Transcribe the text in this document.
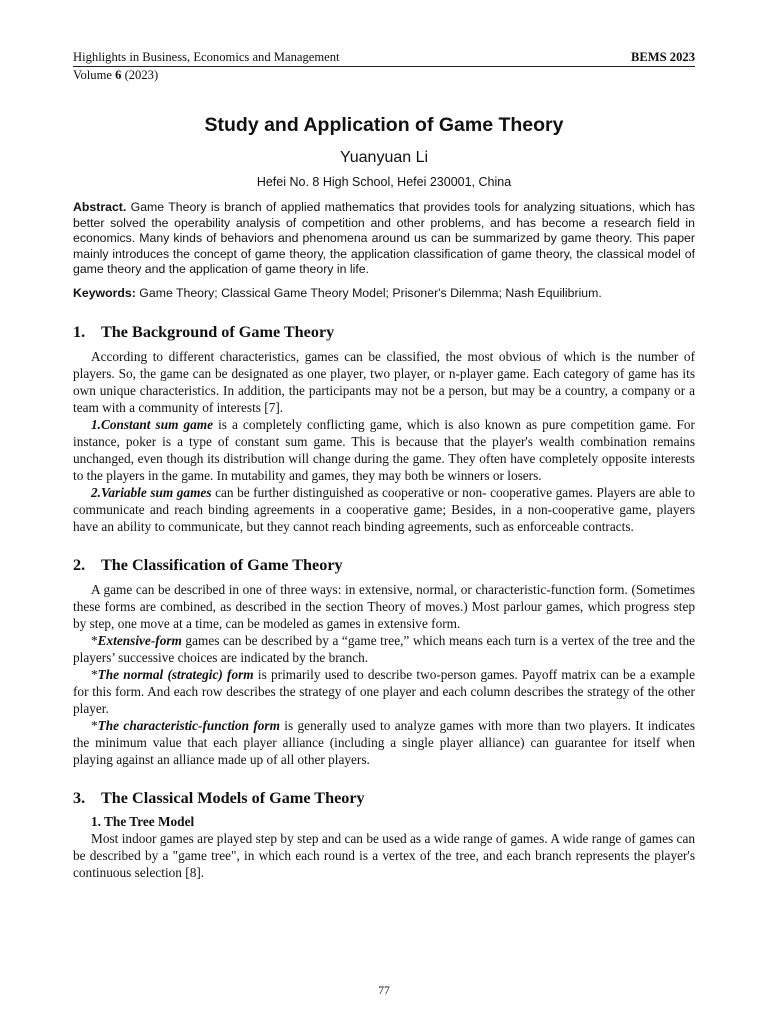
Highlights in Business, Economics and Management	BEMS 2023
Volume 6 (2023)
Study and Application of Game Theory
Yuanyuan Li
Hefei No. 8 High School, Hefei 230001, China
Abstract. Game Theory is branch of applied mathematics that provides tools for analyzing situations, which has better solved the operability analysis of competition and other problems, and has become a research field in economics. Many kinds of behaviors and phenomena around us can be summarized by game theory. This paper mainly introduces the concept of game theory, the application classification of game theory, the classical model of game theory and the application of game theory in life.
Keywords: Game Theory; Classical Game Theory Model; Prisoner's Dilemma; Nash Equilibrium.
1. The Background of Game Theory

According to different characteristics, games can be classified, the most obvious of which is the number of players. So, the game can be designated as one player, two player, or n-player game. Each category of game has its own unique characteristics. In addition, the participants may not be a person, but may be a country, a company or a team with a community of interests [7].

1.Constant sum game is a completely conflicting game, which is also known as pure competition game. For instance, poker is a type of constant sum game. This is because that the player's wealth combination remains unchanged, even though its distribution will change during the game. They often have completely opposite interests to the players in the game. In mutability and games, they may both be winners or losers.

2.Variable sum games can be further distinguished as cooperative or non- cooperative games. Players are able to communicate and reach binding agreements in a cooperative game; Besides, in a non-cooperative game, players have an ability to communicate, but they cannot reach binding agreements, such as enforceable contracts.

2. The Classification of Game Theory

A game can be described in one of three ways: in extensive, normal, or characteristic-function form. (Sometimes these forms are combined, as described in the section Theory of moves.) Most parlour games, which progress step by step, one move at a time, can be modeled as games in extensive form.

*Extensive-form games can be described by a “game tree,” which means each turn is a vertex of the tree and the players’ successive choices are indicated by the branch.

*The normal (strategic) form is primarily used to describe two-person games. Payoff matrix can be a example for this form. And each row describes the strategy of one player and each column describes the strategy of the other player.

*The characteristic-function form is generally used to analyze games with more than two players. It indicates the minimum value that each player alliance (including a single player alliance) can guarantee for itself when playing against an alliance made up of all other players.

3. The Classical Models of Game Theory
1. The Tree Model

Most indoor games are played step by step and can be used as a wide range of games. A wide range of games can be described by a "game tree", in which each round is a vertex of the tree, and each branch represents the player's continuous selection [8].

77
